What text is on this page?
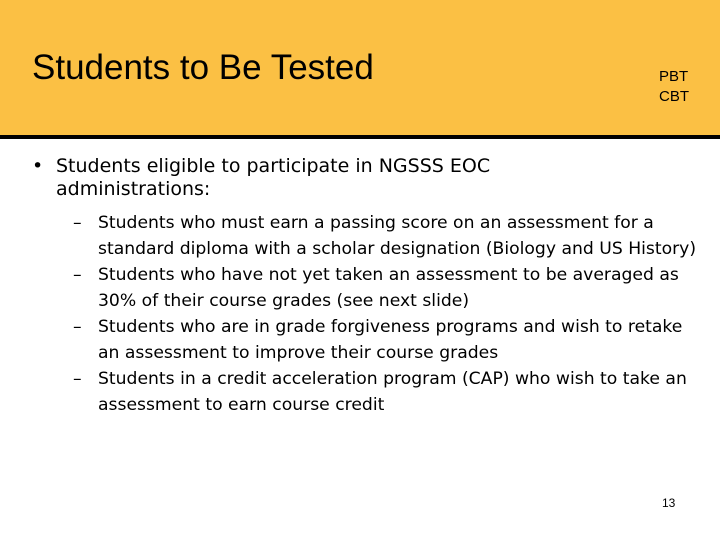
Students to Be Tested	PBT
CBT
• Students eligible to participate in NGSSS EOC administrations:
– Students who must earn a passing score on an assessment for a standard diploma with a scholar designation (Biology and US History)
– Students who have not yet taken an assessment to be averaged as 30% of their course grades (see next slide)
– Students who are in grade forgiveness programs and wish to retake an assessment to improve their course grades
– Students in a credit acceleration program (CAP) who wish to take an assessment to earn course credit
13
